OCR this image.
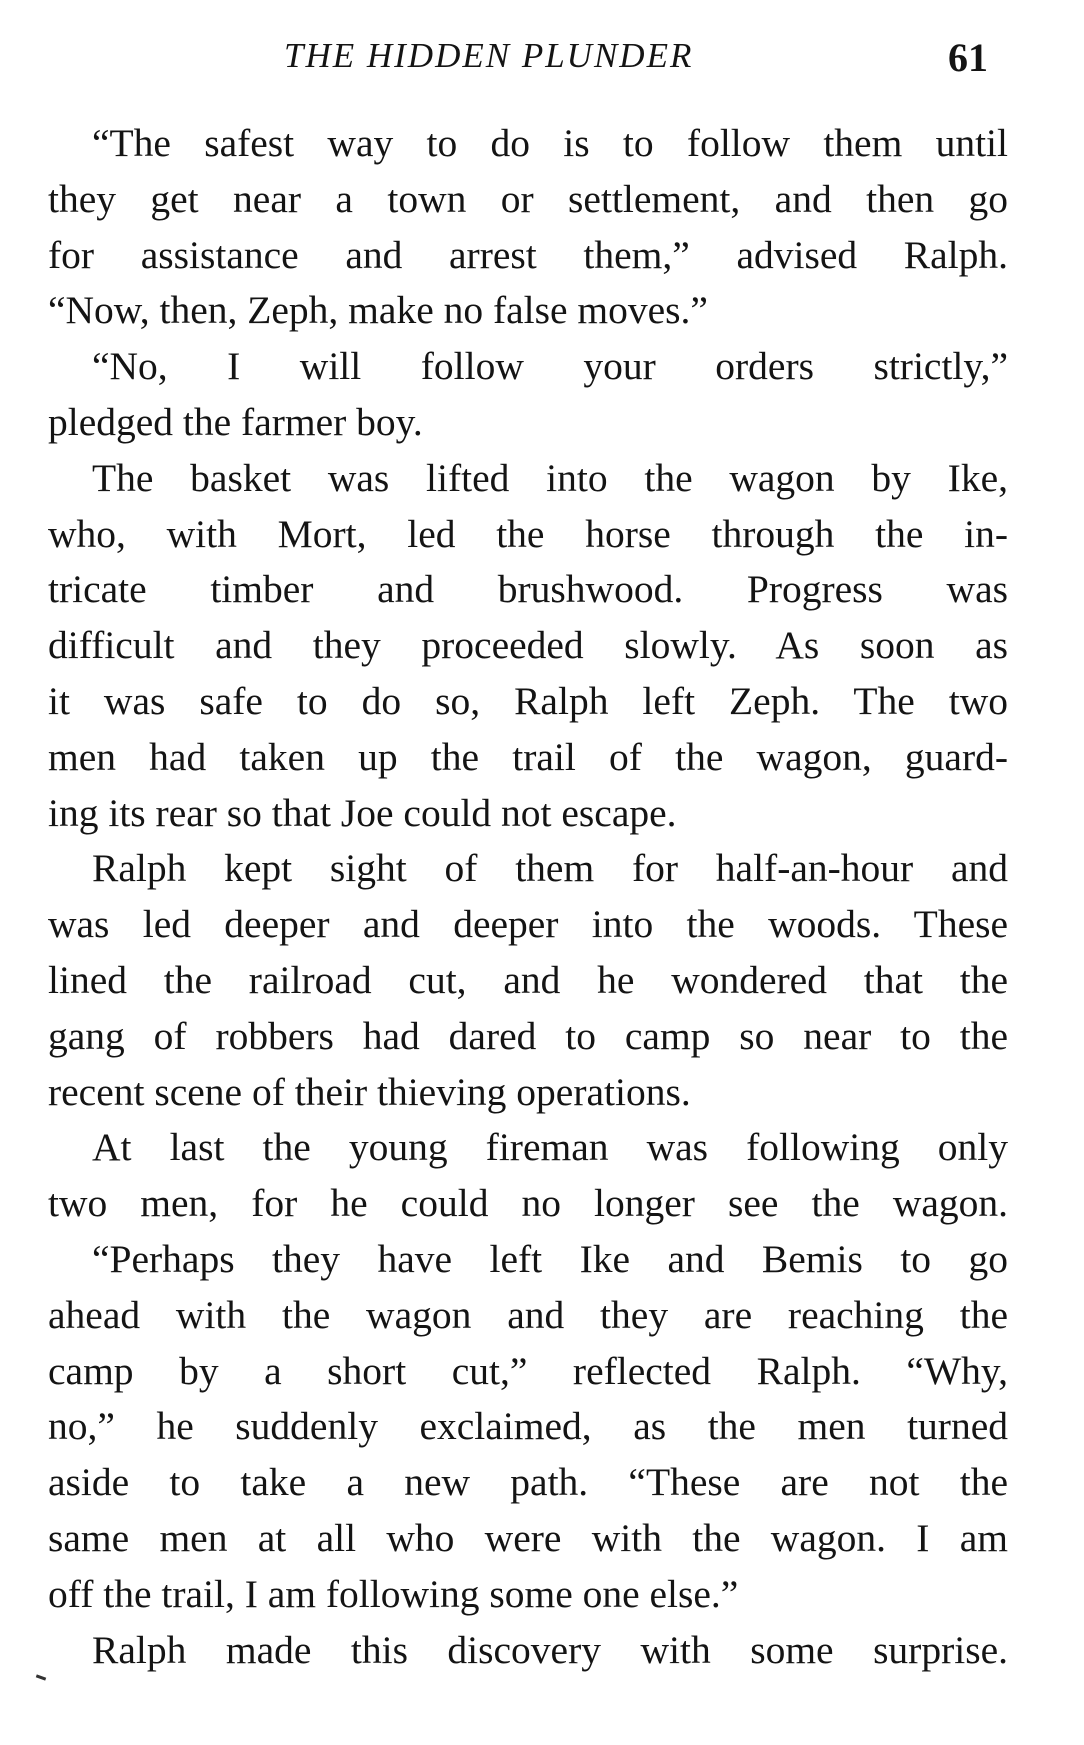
THE HIDDEN PLUNDER	61
“The safest way to do is to follow them until
they get near a town or settlement, and then go
for assistance and arrest them,” advised Ralph.
“Now, then, Zeph, make no false moves.”
“No, I will follow your orders strictly,”
pledged the farmer boy.
The basket was lifted into the wagon by Ike,
who, with Mort, led the horse through the in-
tricate timber and brushwood. Progress was
difficult and they proceeded slowly. As soon as
it was safe to do so, Ralph left Zeph. The two
men had taken up the trail of the wagon, guard-
ing its rear so that Joe could not escape.
Ralph kept sight of them for half-an-hour and
was led deeper and deeper into the woods. These
lined the railroad cut, and he wondered that the
gang of robbers had dared to camp so near to the
recent scene of their thieving operations.
At last the young fireman was following only
two men, for he could no longer see the wagon.
“Perhaps they have left Ike and Bemis to go
ahead with the wagon and they are reaching the
camp by a short cut,” reflected Ralph. “Why,
no,” he suddenly exclaimed, as the men turned
aside to take a new path. “These are not the
same men at all who were with the wagon. I am
off the trail, I am following some one else.”
Ralph made this discovery with some surprise.
